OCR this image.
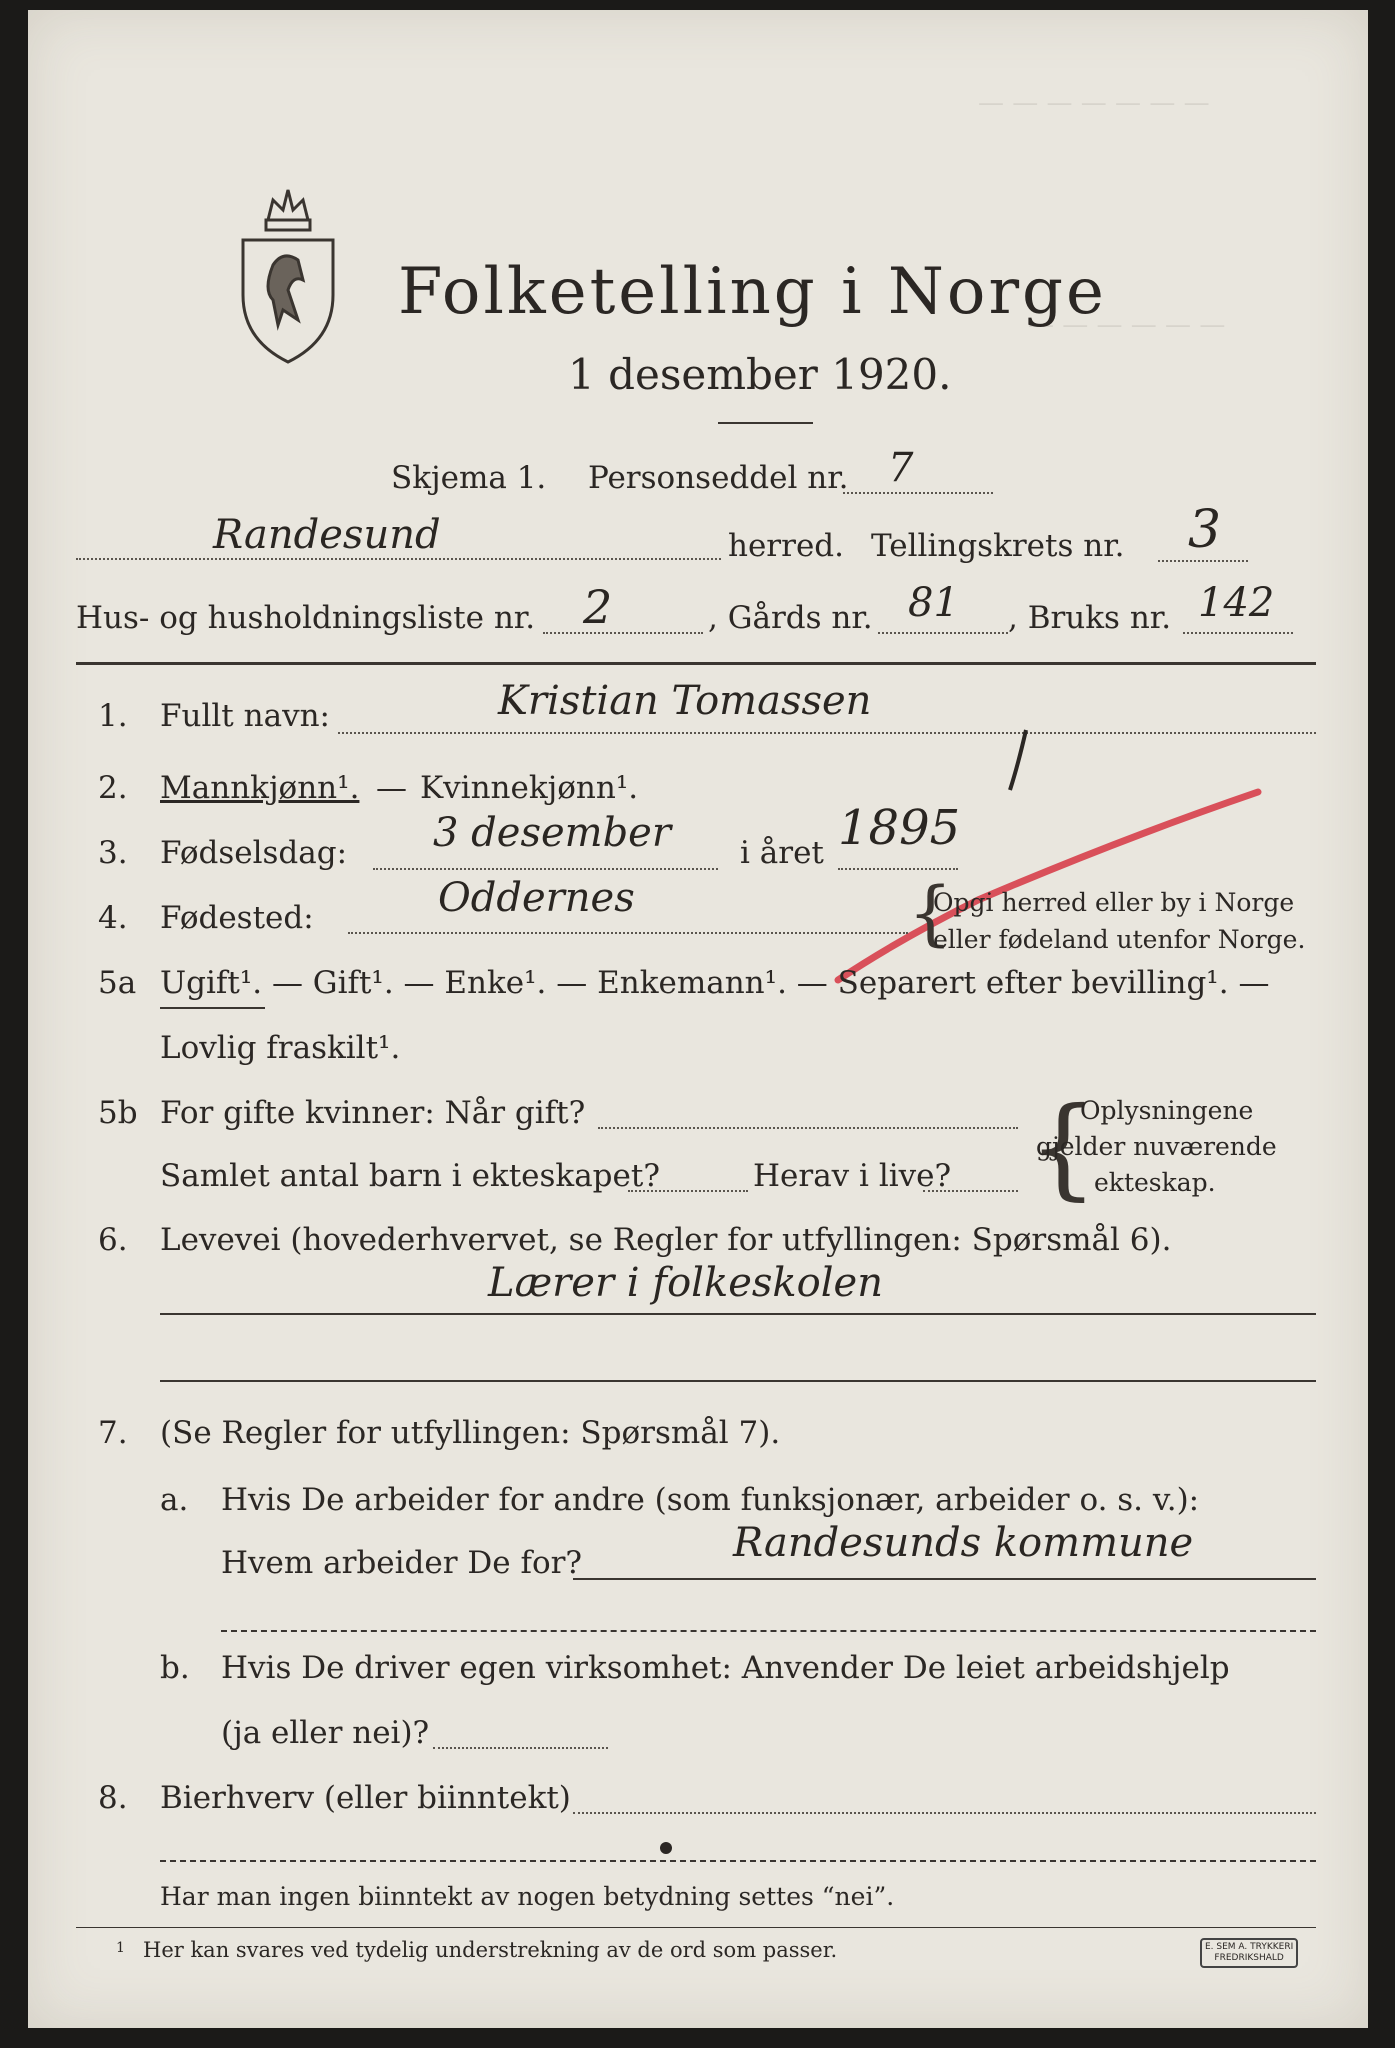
— — — — — — —
— — — — — —
Folketelling i Norge
1 desember 1920.
Skjema 1. Personseddel nr. 7
Randesund	herred. Tellingskrets nr. 3
Hus- og husholdningsliste nr. 2	, Gårds nr. 81 , Bruks nr. 142
1. Fullt navn:	Kristian Tomassen
2. Mannkjønn¹. — Kvinnekjønn¹.
3. Fødselsdag: 3 desember i året 1895
4. Fødested:	Oddernes	{
Opgi herred eller by i Norge
eller fødeland utenfor Norge.
5a Ugift¹. — Gift¹. — Enke¹. — Enkemann¹. — Separert efter bevilling¹. —
Lovlig fraskilt¹.
5b For gifte kvinner: Når gift?
Samlet antal barn i ekteskapet?	Herav i live? {
Oplysningene
gjelder nuværende
ekteskap.
6. Levevei (hovederhvervet, se Regler for utfyllingen: Spørsmål 6).
Lærer i folkeskolen
7. (Se Regler for utfyllingen: Spørsmål 7).
a. Hvis De arbeider for andre (som funksjonær, arbeider o. s. v.):
Hvem arbeider De for?	Randesunds kommune
b. Hvis De driver egen virksomhet: Anvender De leiet arbeidshjelp
(ja eller nei)?
8. Bierhverv (eller biinntekt)
Har man ingen biinntekt av nogen betydning settes “nei”.
1 Her kan svares ved tydelig understrekning av de ord som passer.	E. SEM A. TRYKKERI
FREDRIKSHALD
